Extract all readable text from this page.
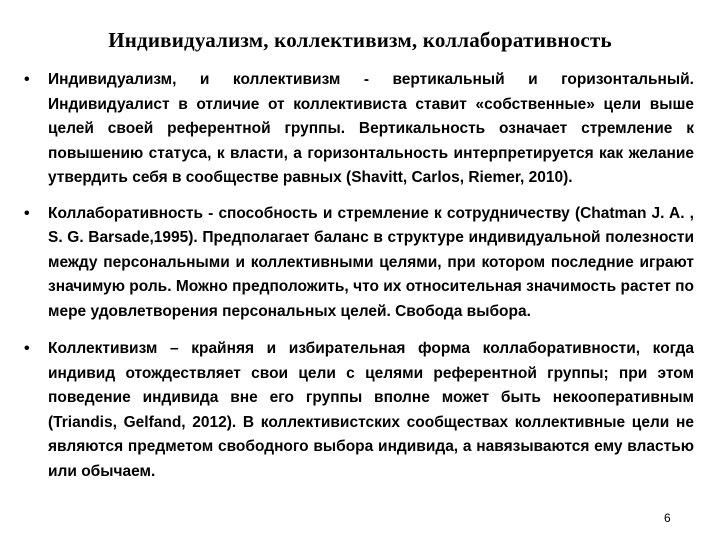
Индивидуализм, коллективизм, коллаборативность
• Индивидуализм, и коллективизм - вертикальный и горизонтальный. Индивидуалист в отличие от коллективиста ставит «собственные» цели выше целей своей референтной группы. Вертикальность означает стремление к повышению статуса, к власти, а горизонтальность интерпретируется как желание утвердить себя в сообществе равных (Shavitt, Carlos, Riemer, 2010).
• Коллаборативность - способность и стремление к сотрудничеству (Chatman J. A. , S. G. Barsade,1995). Предполагает баланс в структуре индивидуальной полезности между персональными и коллективными целями, при котором последние играют значимую роль. Можно предположить, что их относительная значимость растет по мере удовлетворения персональных целей. Свобода выбора.
• Коллективизм – крайняя и избирательная форма коллаборативности, когда индивид отождествляет свои цели с целями референтной группы; при этом поведение индивида вне его группы вполне может быть некооперативным (Triandis, Gelfand, 2012). В коллективистских сообществах коллективные цели не являются предметом свободного выбора индивида, а навязываются ему властью или обычаем.
6
